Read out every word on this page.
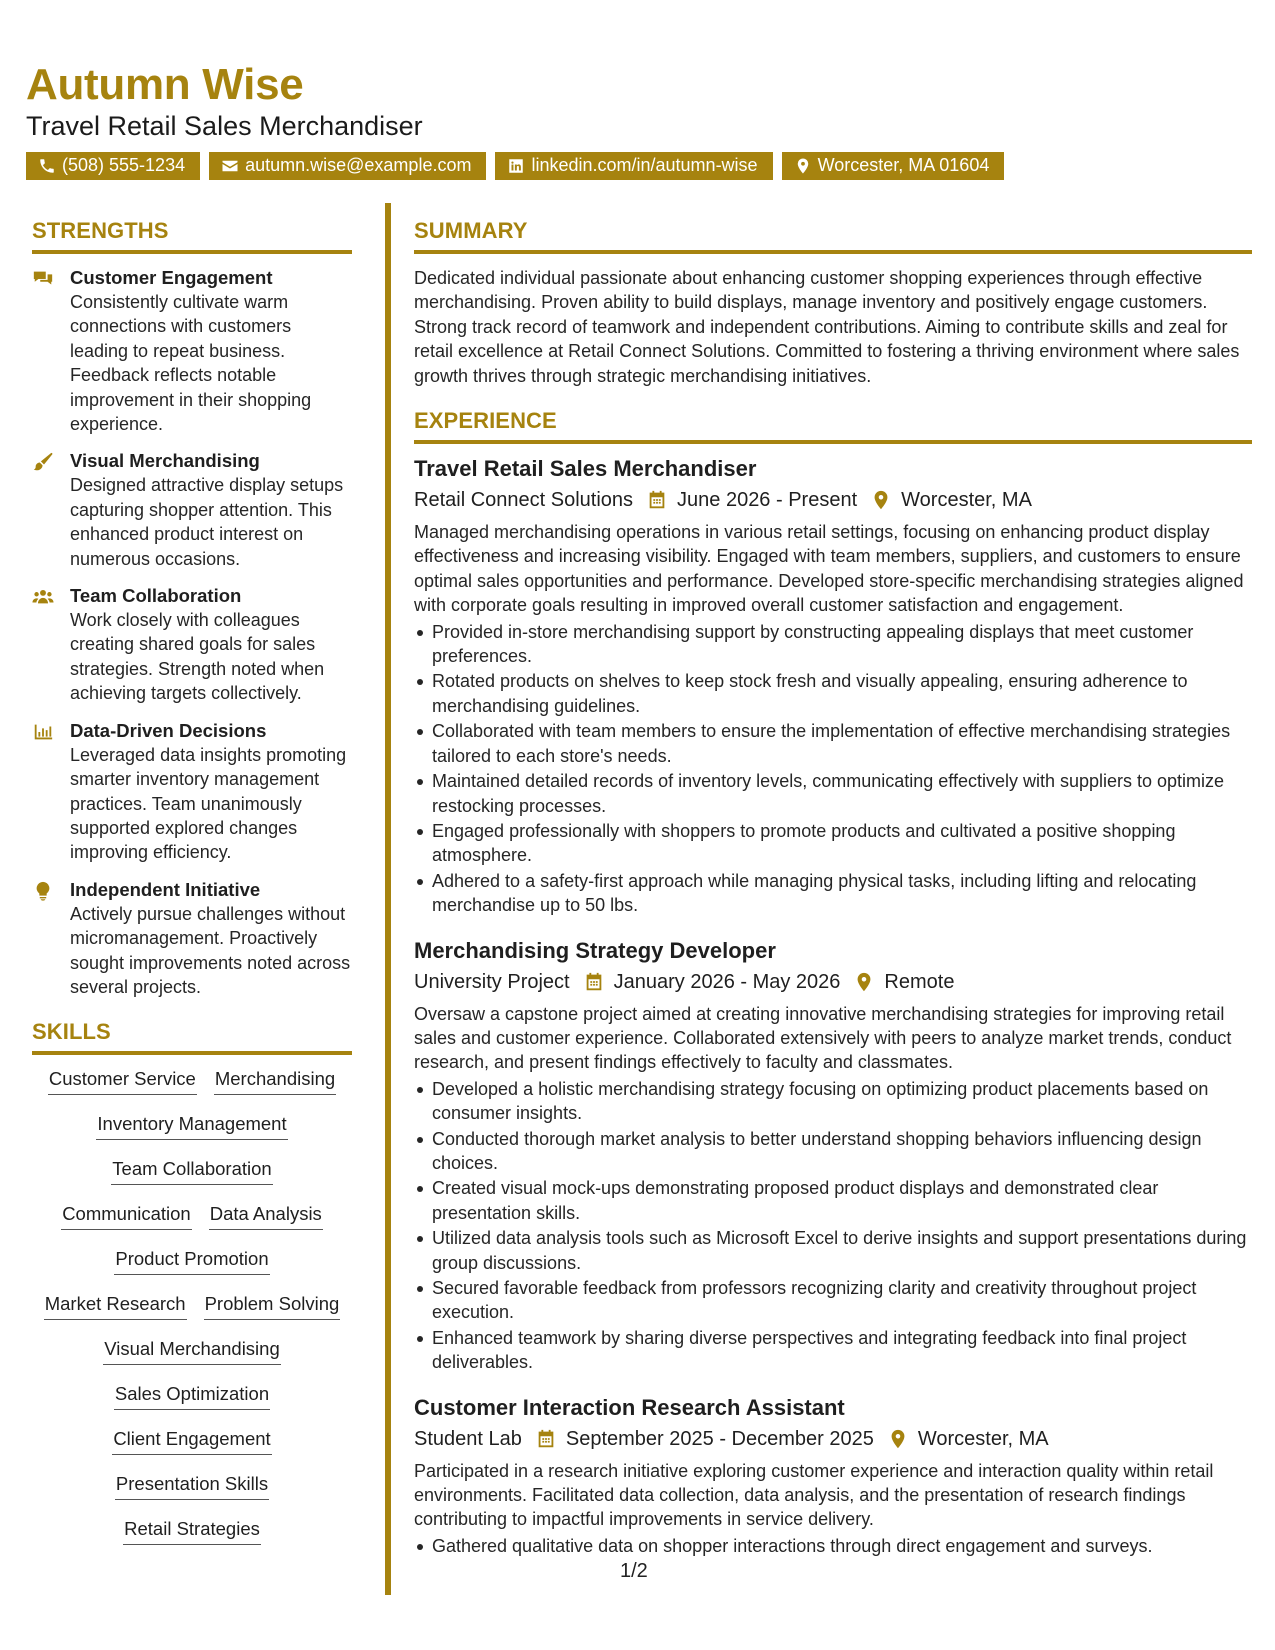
Autumn Wise
Travel Retail Sales Merchandiser
(508) 555-1234	autumn.wise@example.com	linkedin.com/in/autumn-wise	Worcester, MA 01604
STRENGTHS
Customer Engagement
Consistently cultivate warm connections with customers leading to repeat business. Feedback reflects notable improvement in their shopping experience.
Visual Merchandising
Designed attractive display setups capturing shopper attention. This enhanced product interest on numerous occasions.
Team Collaboration
Work closely with colleagues creating shared goals for sales strategies. Strength noted when achieving targets collectively.
Data-Driven Decisions
Leveraged data insights promoting smarter inventory management practices. Team unanimously supported explored changes improving efficiency.
Independent Initiative
Actively pursue challenges without micromanagement. Proactively sought improvements noted across several projects.
SKILLS
Customer Service Merchandising
Inventory Management
Team Collaboration
Communication Data Analysis
Product Promotion
Market Research Problem Solving
Visual Merchandising
Sales Optimization
Client Engagement
Presentation Skills
Retail Strategies
SUMMARY
Dedicated individual passionate about enhancing customer shopping experiences through effective merchandising. Proven ability to build displays, manage inventory and positively engage customers. Strong track record of teamwork and independent contributions. Aiming to contribute skills and zeal for retail excellence at Retail Connect Solutions. Committed to fostering a thriving environment where sales growth thrives through strategic merchandising initiatives.
EXPERIENCE
Travel Retail Sales Merchandiser
Retail Connect Solutions June 2026 - Present Worcester, MA
Managed merchandising operations in various retail settings, focusing on enhancing product display effectiveness and increasing visibility. Engaged with team members, suppliers, and customers to ensure optimal sales opportunities and performance. Developed store-specific merchandising strategies aligned with corporate goals resulting in improved overall customer satisfaction and engagement.
Provided in-store merchandising support by constructing appealing displays that meet customer preferences.
Rotated products on shelves to keep stock fresh and visually appealing, ensuring adherence to merchandising guidelines.
Collaborated with team members to ensure the implementation of effective merchandising strategies tailored to each store's needs.
Maintained detailed records of inventory levels, communicating effectively with suppliers to optimize restocking processes.
Engaged professionally with shoppers to promote products and cultivated a positive shopping atmosphere.
Adhered to a safety-first approach while managing physical tasks, including lifting and relocating merchandise up to 50 lbs.
Merchandising Strategy Developer
University Project January 2026 - May 2026 Remote
Oversaw a capstone project aimed at creating innovative merchandising strategies for improving retail sales and customer experience. Collaborated extensively with peers to analyze market trends, conduct research, and present findings effectively to faculty and classmates.
Developed a holistic merchandising strategy focusing on optimizing product placements based on consumer insights.
Conducted thorough market analysis to better understand shopping behaviors influencing design choices.
Created visual mock-ups demonstrating proposed product displays and demonstrated clear presentation skills.
Utilized data analysis tools such as Microsoft Excel to derive insights and support presentations during group discussions.
Secured favorable feedback from professors recognizing clarity and creativity throughout project execution.
Enhanced teamwork by sharing diverse perspectives and integrating feedback into final project deliverables.
Customer Interaction Research Assistant
Student Lab September 2025 - December 2025 Worcester, MA
Participated in a research initiative exploring customer experience and interaction quality within retail environments. Facilitated data collection, data analysis, and the presentation of research findings contributing to impactful improvements in service delivery.
Gathered qualitative data on shopper interactions through direct engagement and surveys.
1/2
